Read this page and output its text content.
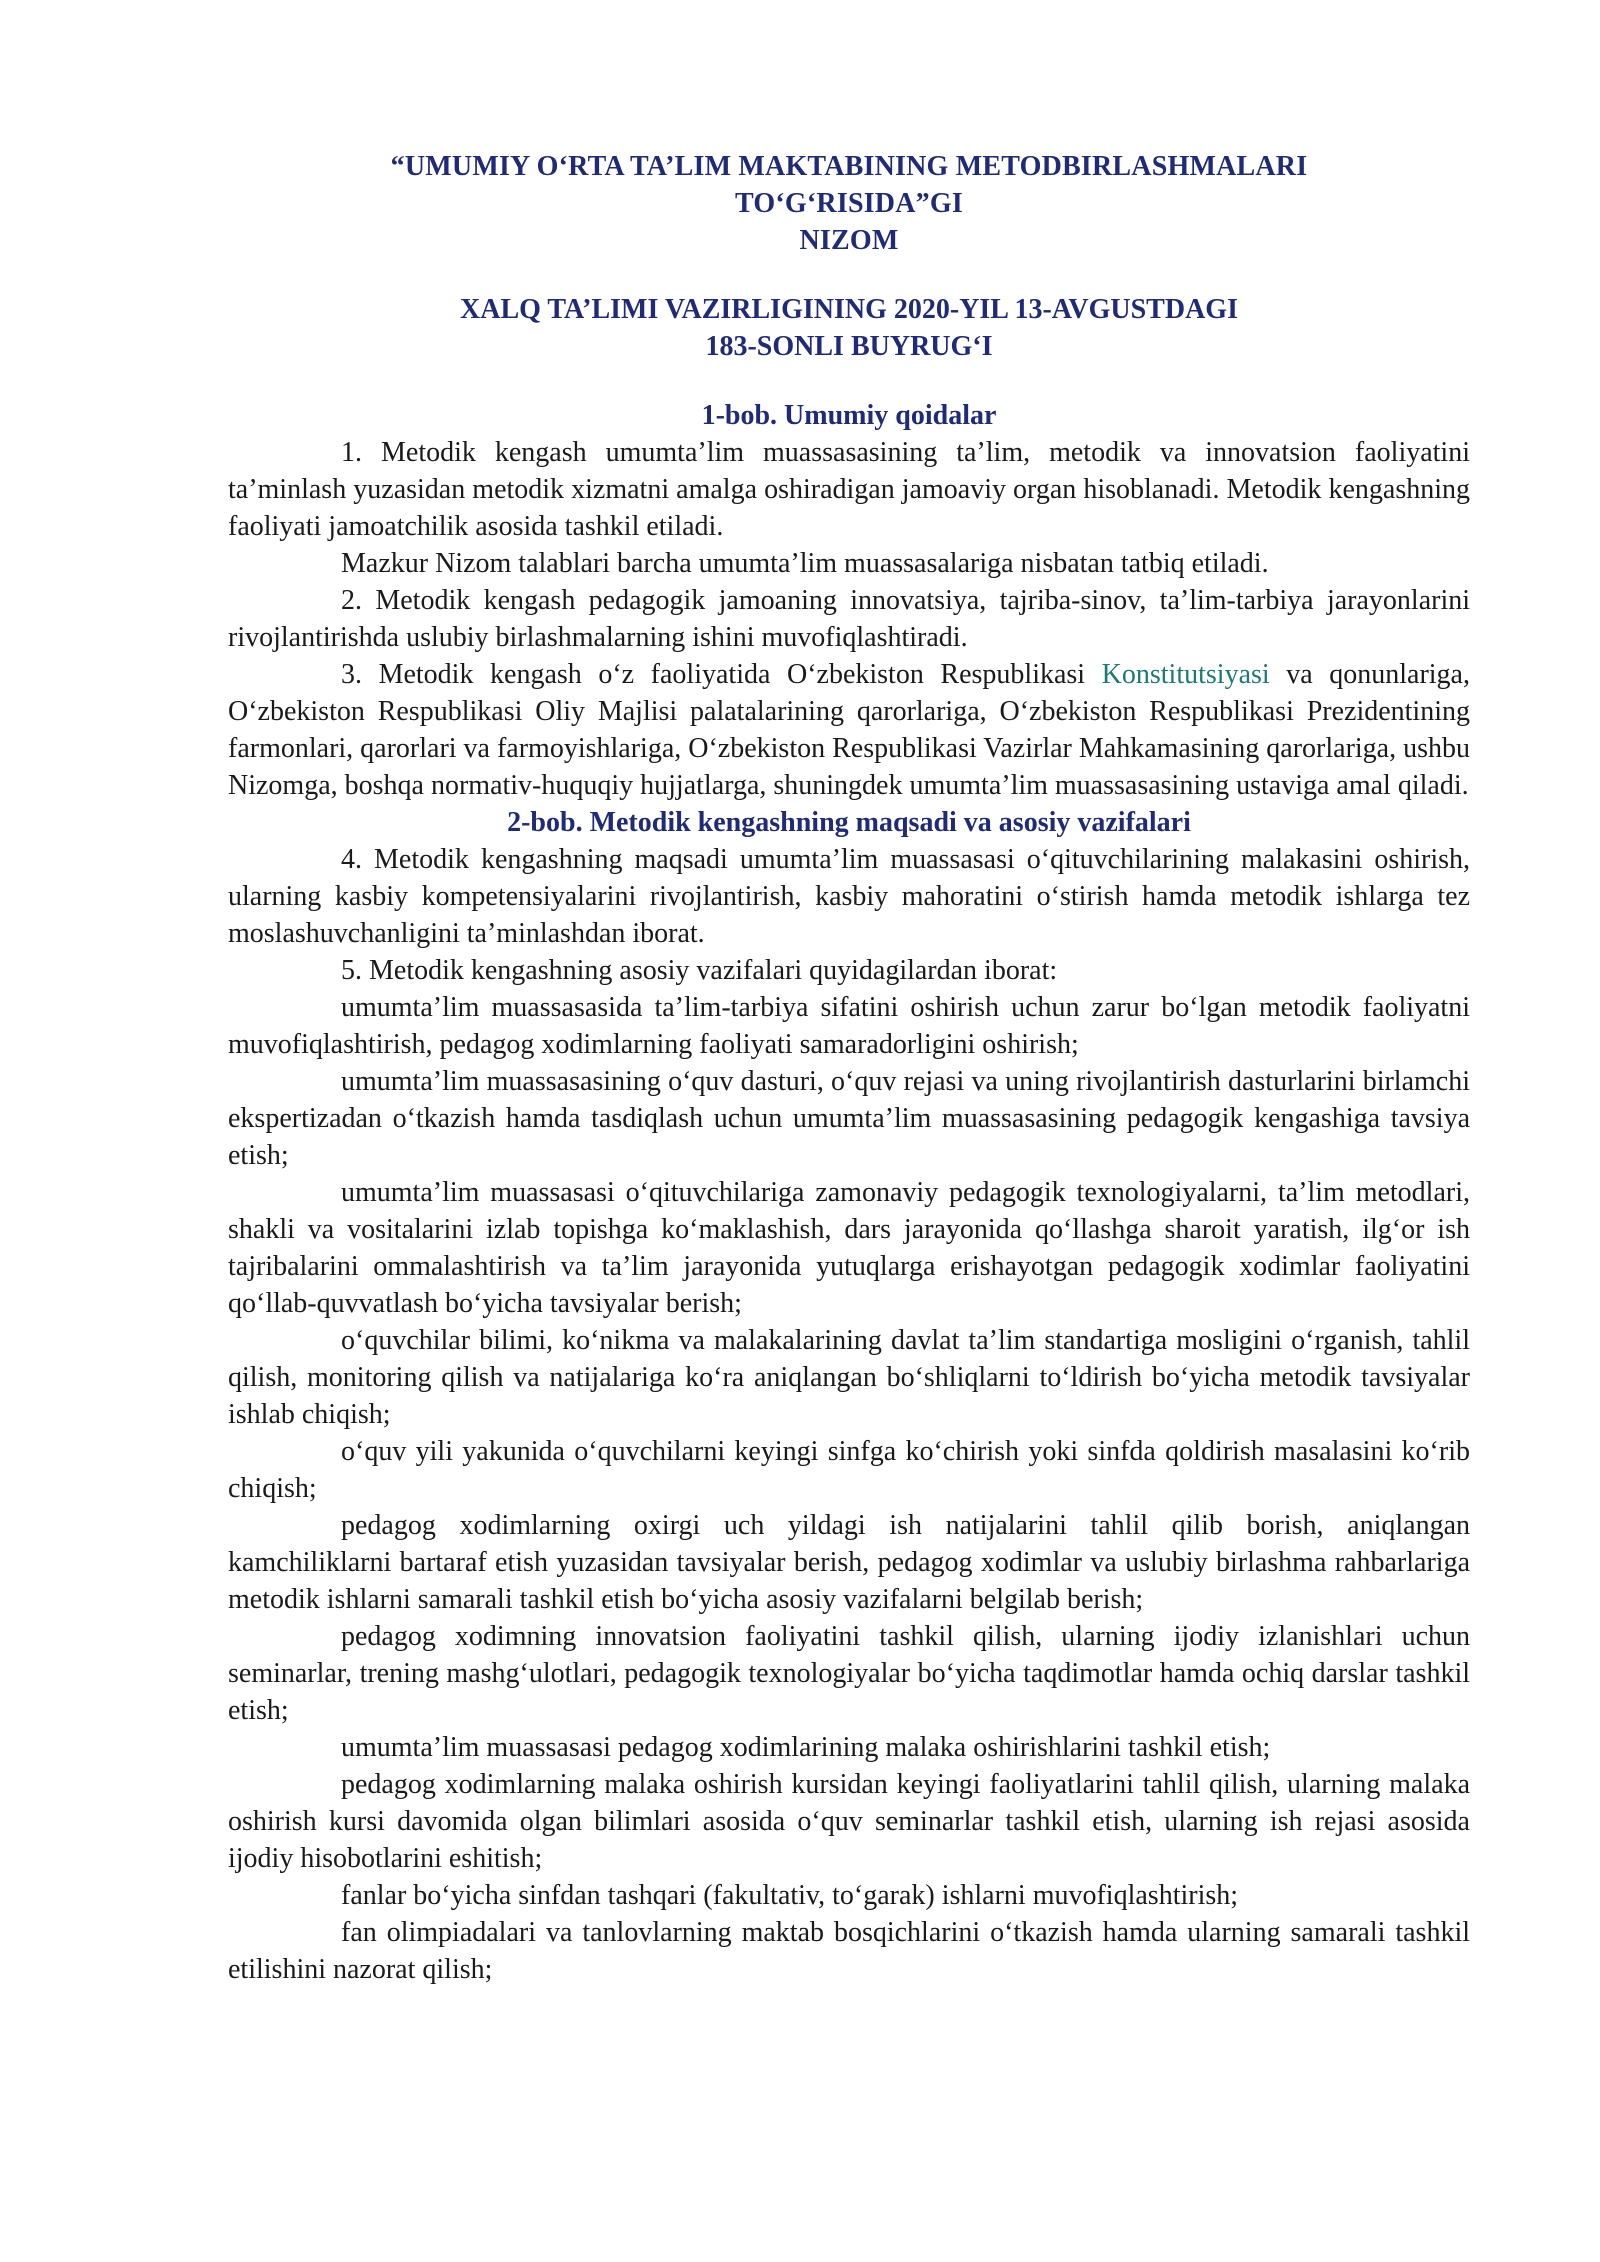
“UMUMIY O‘RTA TA’LIM MAKTABINING METODBIRLASHMALARI
TO‘G‘RISIDA”GI
NIZOM
XALQ TA’LIMI VAZIRLIGINING 2020-YIL 13-AVGUSTDAGI
183-SONLI BUYRUG‘I
1-bob. Umumiy qoidalar

1. Metodik kengash umumta’lim muassasasining ta’lim, metodik va innovatsion faoliyatini ta’minlash yuzasidan metodik xizmatni amalga oshiradigan jamoaviy organ hisoblanadi. Metodik kengashning faoliyati jamoatchilik asosida tashkil etiladi.

Mazkur Nizom talablari barcha umumta’lim muassasalariga nisbatan tatbiq etiladi.

2. Metodik kengash pedagogik jamoaning innovatsiya, tajriba-sinov, ta’lim-tarbiya jarayonlarini rivojlantirishda uslubiy birlashmalarning ishini muvofiqlashtiradi.

3. Metodik kengash o‘z faoliyatida O‘zbekiston Respublikasi Konstitutsiyasi va qonunlariga, O‘zbekiston Respublikasi Oliy Majlisi palatalarining qarorlariga, O‘zbekiston Respublikasi Prezidentining farmonlari, qarorlari va farmoyishlariga, O‘zbekiston Respublikasi Vazirlar Mahkamasining qarorlariga, ushbu Nizomga, boshqa normativ-huquqiy hujjatlarga, shuningdek umumta’lim muassasasining ustaviga amal qiladi.

2-bob. Metodik kengashning maqsadi va asosiy vazifalari

4. Metodik kengashning maqsadi umumta’lim muassasasi o‘qituvchilarining malakasini oshirish, ularning kasbiy kompetensiyalarini rivojlantirish, kasbiy mahoratini o‘stirish hamda metodik ishlarga tez moslashuvchanligini ta’minlashdan iborat.

5. Metodik kengashning asosiy vazifalari quyidagilardan iborat:

umumta’lim muassasasida ta’lim-tarbiya sifatini oshirish uchun zarur bo‘lgan metodik faoliyatni muvofiqlashtirish, pedagog xodimlarning faoliyati samaradorligini oshirish;

umumta’lim muassasasining o‘quv dasturi, o‘quv rejasi va uning rivojlantirish dasturlarini birlamchi ekspertizadan o‘tkazish hamda tasdiqlash uchun umumta’lim muassasasining pedagogik kengashiga tavsiya etish;

umumta’lim muassasasi o‘qituvchilariga zamonaviy pedagogik texnologiyalarni, ta’lim metodlari, shakli va vositalarini izlab topishga ko‘maklashish, dars jarayonida qo‘llashga sharoit yaratish, ilg‘or ish tajribalarini ommalashtirish va ta’lim jarayonida yutuqlarga erishayotgan pedagogik xodimlar faoliyatini qo‘llab-quvvatlash bo‘yicha tavsiyalar berish;

o‘quvchilar bilimi, ko‘nikma va malakalarining davlat ta’lim standartiga mosligini o‘rganish, tahlil qilish, monitoring qilish va natijalariga ko‘ra aniqlangan bo‘shliqlarni to‘ldirish bo‘yicha metodik tavsiyalar ishlab chiqish;

o‘quv yili yakunida o‘quvchilarni keyingi sinfga ko‘chirish yoki sinfda qoldirish masalasini ko‘rib chiqish;

pedagog xodimlarning oxirgi uch yildagi ish natijalarini tahlil qilib borish, aniqlangan kamchiliklarni bartaraf etish yuzasidan tavsiyalar berish, pedagog xodimlar va uslubiy birlashma rahbarlariga metodik ishlarni samarali tashkil etish bo‘yicha asosiy vazifalarni belgilab berish;

pedagog xodimning innovatsion faoliyatini tashkil qilish, ularning ijodiy izlanishlari uchun seminarlar, trening mashg‘ulotlari, pedagogik texnologiyalar bo‘yicha taqdimotlar hamda ochiq darslar tashkil etish;

umumta’lim muassasasi pedagog xodimlarining malaka oshirishlarini tashkil etish;

pedagog xodimlarning malaka oshirish kursidan keyingi faoliyatlarini tahlil qilish, ularning malaka oshirish kursi davomida olgan bilimlari asosida o‘quv seminarlar tashkil etish, ularning ish rejasi asosida ijodiy hisobotlarini eshitish;

fanlar bo‘yicha sinfdan tashqari (fakultativ, to‘garak) ishlarni muvofiqlashtirish;

fan olimpiadalari va tanlovlarning maktab bosqichlarini o‘tkazish hamda ularning samarali tashkil etilishini nazorat qilish;
